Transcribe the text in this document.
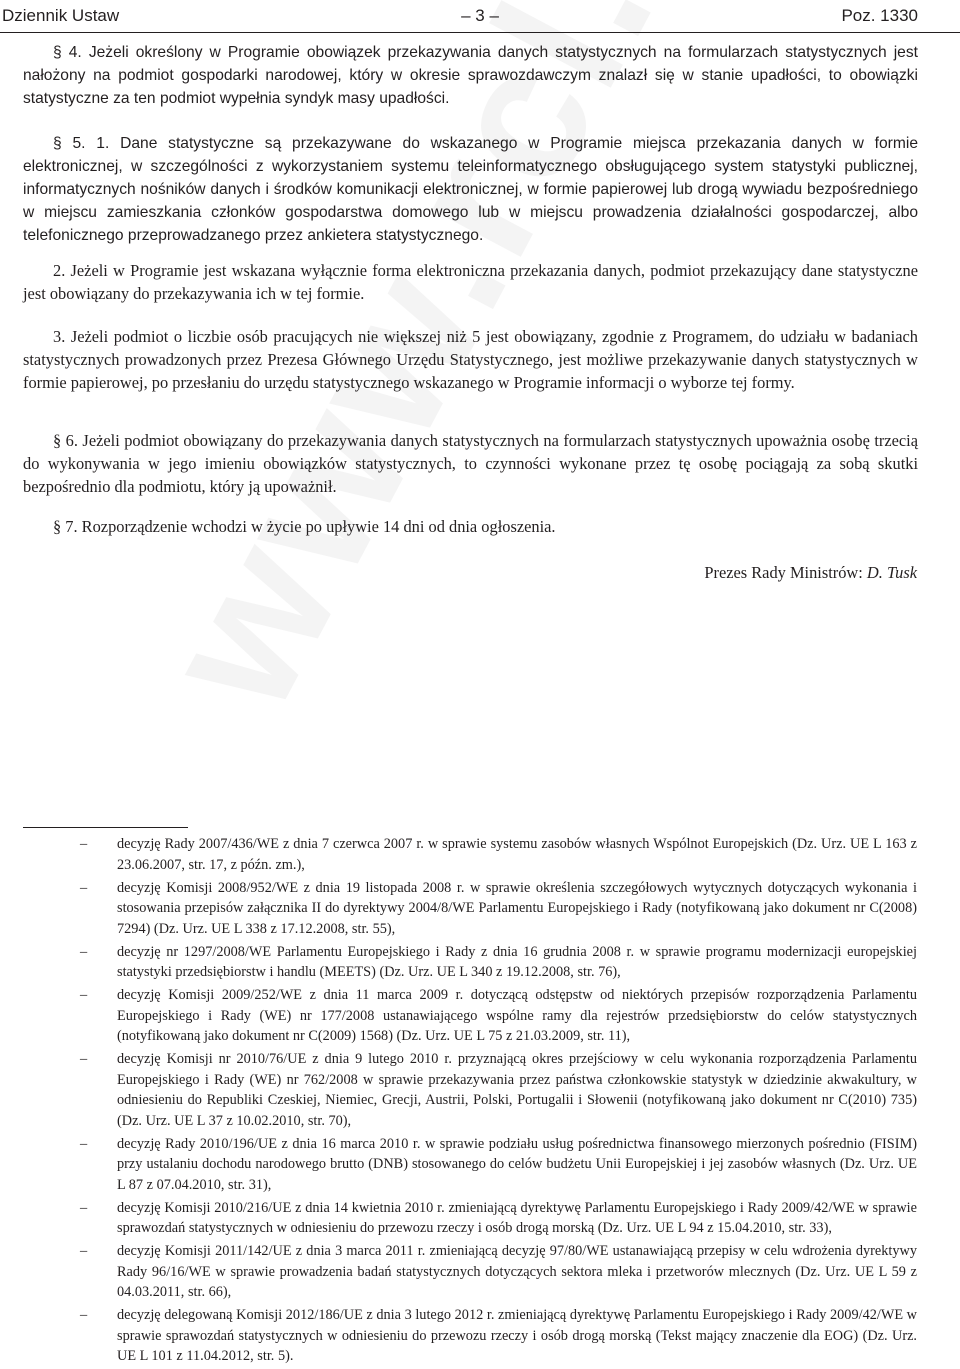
Dziennik Ustaw	– 3 –	Poz. 1330

§ 4. Jeżeli określony w Programie obowiązek przekazywania danych statystycznych na formularzach statystycznych jest nałożony na podmiot gospodarki narodowej, który w okresie sprawozdawczym znalazł się w stanie upadłości, to obowiązki statystyczne za ten podmiot wypełnia syndyk masy upadłości.

§ 5. 1. Dane statystyczne są przekazywane do wskazanego w Programie miejsca przekazania danych w formie elektronicznej, w szczególności z wykorzystaniem systemu teleinformatycznego obsługującego system statystyki publicznej, informatycznych nośników danych i środków komunikacji elektronicznej, w formie papierowej lub drogą wywiadu bezpośredniego w miejscu zamieszkania członków gospodarstwa domowego lub w miejscu prowadzenia działalności gospodarczej, albo telefonicznego przeprowadzanego przez ankietera statystycznego.

2. Jeżeli w Programie jest wskazana wyłącznie forma elektroniczna przekazania danych, podmiot przekazujący dane statystyczne jest obowiązany do przekazywania ich w tej formie.

3. Jeżeli podmiot o liczbie osób pracujących nie większej niż 5 jest obowiązany, zgodnie z Programem, do udziału w badaniach statystycznych prowadzonych przez Prezesa Głównego Urzędu Statystycznego, jest możliwe przekazywanie danych statystycznych w formie papierowej, po przesłaniu do urzędu statystycznego wskazanego w Programie informacji o wyborze tej formy.

§ 6. Jeżeli podmiot obowiązany do przekazywania danych statystycznych na formularzach statystycznych upoważnia osobę trzecią do wykonywania w jego imieniu obowiązków statystycznych, to czynności wykonane przez tę osobę pociągają za sobą skutki bezpośrednio dla podmiotu, który ją upoważnił.

§ 7. Rozporządzenie wchodzi w życie po upływie 14 dni od dnia ogłoszenia.

Prezes Rady Ministrów: D. Tusk
– decyzję Rady 2007/436/WE z dnia 7 czerwca 2007 r. w sprawie systemu zasobów własnych Wspólnot Europejskich (Dz. Urz. UE L 163 z 23.06.2007, str. 17, z późn. zm.),
– decyzję Komisji 2008/952/WE z dnia 19 listopada 2008 r. w sprawie określenia szczegółowych wytycznych dotyczących wykonania i stosowania przepisów załącznika II do dyrektywy 2004/8/WE Parlamentu Europejskiego i Rady (notyfikowaną jako dokument nr C(2008) 7294) (Dz. Urz. UE L 338 z 17.12.2008, str. 55),
– decyzję nr 1297/2008/WE Parlamentu Europejskiego i Rady z dnia 16 grudnia 2008 r. w sprawie programu modernizacji europejskiej statystyki przedsiębiorstw i handlu (MEETS) (Dz. Urz. UE L 340 z 19.12.2008, str. 76),
– decyzję Komisji 2009/252/WE z dnia 11 marca 2009 r. dotyczącą odstępstw od niektórych przepisów rozporządzenia Parlamentu Europejskiego i Rady (WE) nr 177/2008 ustanawiającego wspólne ramy dla rejestrów przedsiębiorstw do celów statystycznych (notyfikowaną jako dokument nr C(2009) 1568) (Dz. Urz. UE L 75 z 21.03.2009, str. 11),
– decyzję Komisji nr 2010/76/UE z dnia 9 lutego 2010 r. przyznającą okres przejściowy w celu wykonania rozporządzenia Parlamentu Europejskiego i Rady (WE) nr 762/2008 w sprawie przekazywania przez państwa członkowskie statystyk w dziedzinie akwakultury, w odniesieniu do Republiki Czeskiej, Niemiec, Grecji, Austrii, Polski, Portugalii i Słowenii (notyfikowaną jako dokument nr C(2010) 735) (Dz. Urz. UE L 37 z 10.02.2010, str. 70),
– decyzję Rady 2010/196/UE z dnia 16 marca 2010 r. w sprawie podziału usług pośrednictwa finansowego mierzonych pośrednio (FISIM) przy ustalaniu dochodu narodowego brutto (DNB) stosowanego do celów budżetu Unii Europejskiej i jej zasobów własnych (Dz. Urz. UE L 87 z 07.04.2010, str. 31),
– decyzję Komisji 2010/216/UE z dnia 14 kwietnia 2010 r. zmieniającą dyrektywę Parlamentu Europejskiego i Rady 2009/42/WE w sprawie sprawozdań statystycznych w odniesieniu do przewozu rzeczy i osób drogą morską (Dz. Urz. UE L 94 z 15.04.2010, str. 33),
– decyzję Komisji 2011/142/UE z dnia 3 marca 2011 r. zmieniającą decyzję 97/80/WE ustanawiającą przepisy w celu wdrożenia dyrektywy Rady 96/16/WE w sprawie prowadzenia badań statystycznych dotyczących sektora mleka i przetworów mlecznych (Dz. Urz. UE L 59 z 04.03.2011, str. 66),
– decyzję delegowaną Komisji 2012/186/UE z dnia 3 lutego 2012 r. zmieniającą dyrektywę Parlamentu Europejskiego i Rady 2009/42/WE w sprawie sprawozdań statystycznych w odniesieniu do przewozu rzeczy i osób drogą morską (Tekst mający znaczenie dla EOG) (Dz. Urz. UE L 101 z 11.04.2012, str. 5).
